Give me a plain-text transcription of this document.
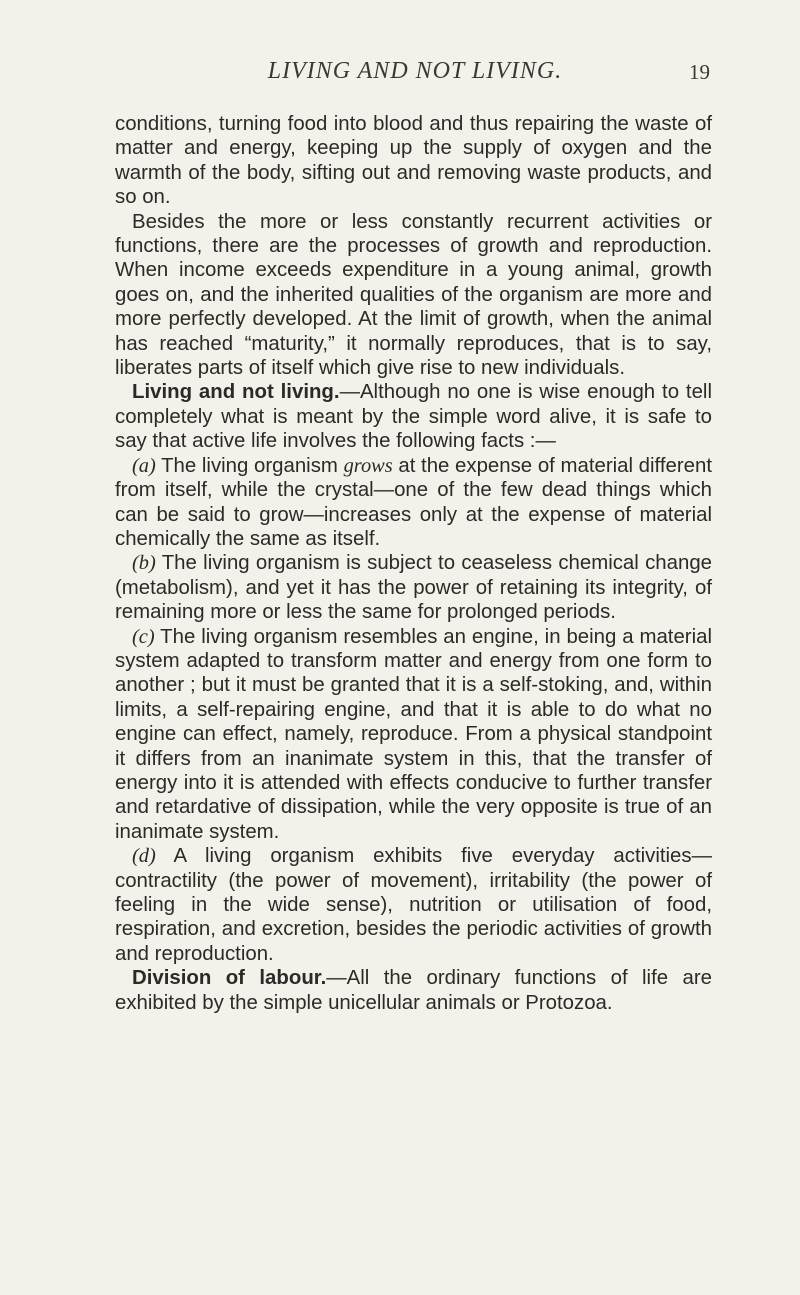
LIVING AND NOT LIVING.	19

conditions, turning food into blood and thus repairing the waste of matter and energy, keeping up the supply of oxygen and the warmth of the body, sifting out and removing waste products, and so on.

Besides the more or less constantly recurrent activities or functions, there are the processes of growth and reproduction. When income exceeds expenditure in a young animal, growth goes on, and the inherited qualities of the organism are more and more perfectly developed. At the limit of growth, when the animal has reached “maturity,” it normally reproduces, that is to say, liberates parts of itself which give rise to new individuals.

Living and not living.—Although no one is wise enough to tell completely what is meant by the simple word alive, it is safe to say that active life involves the following facts :—

(a) The living organism grows at the expense of material different from itself, while the crystal—one of the few dead things which can be said to grow—increases only at the expense of material chemically the same as itself.

(b) The living organism is subject to ceaseless chemical change (metabolism), and yet it has the power of retaining its integrity, of remaining more or less the same for prolonged periods.

(c) The living organism resembles an engine, in being a material system adapted to transform matter and energy from one form to another ; but it must be granted that it is a self-stoking, and, within limits, a self-repairing engine, and that it is able to do what no engine can effect, namely, reproduce. From a physical standpoint it differs from an inanimate system in this, that the transfer of energy into it is attended with effects conducive to further transfer and retardative of dissipation, while the very opposite is true of an inanimate system.

(d) A living organism exhibits five everyday activities—contractility (the power of movement), irritability (the power of feeling in the wide sense), nutrition or utilisation of food, respiration, and excretion, besides the periodic activities of growth and reproduction.

Division of labour.—All the ordinary functions of life are exhibited by the simple unicellular animals or Protozoa.
